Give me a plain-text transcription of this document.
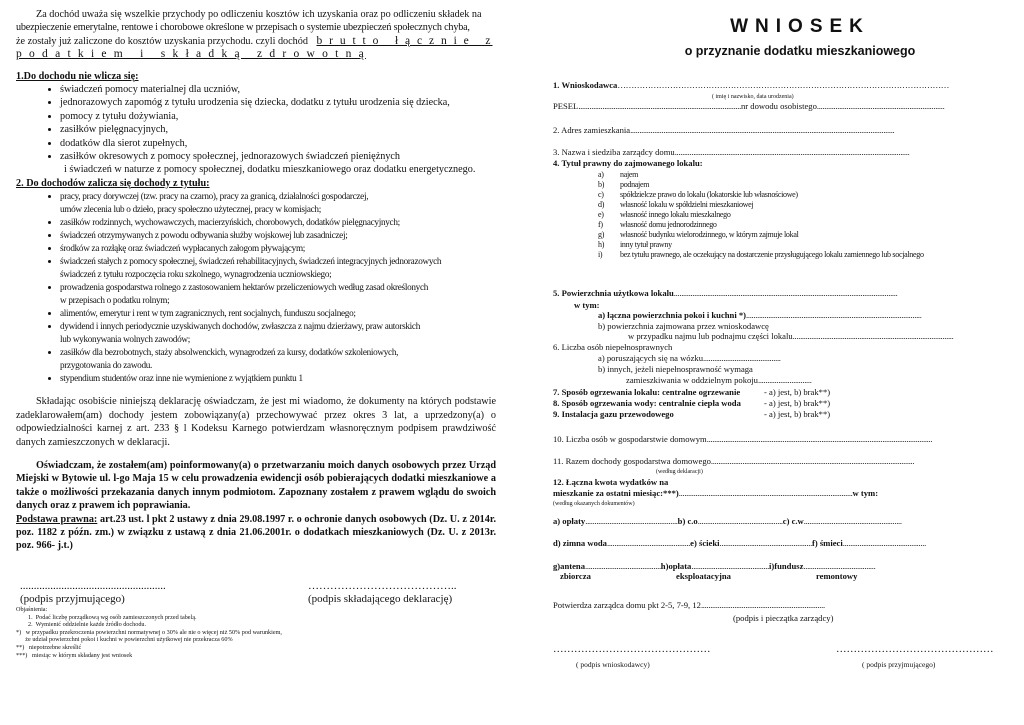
Za dochód uważa się wszelkie przychody po odliczeniu kosztów ich uzyskania oraz po odliczeniu składek na
ubezpieczenie emerytalne, rentowe i chorobowe określone w przepisach o systemie ubezpieczeń społecznych chyba,
że zostały już zaliczone do kosztów uzyskania przychodu. czyli dochód b r u t t o   ł ą c z n i e   z
p o d a t k i e m   i   s k ł a d k ą   z d r o w o t n ą
1.Do dochodu nie wlicza się:
• świadczeń pomocy materialnej dla uczniów,
• jednorazowych zapomóg z tytułu urodzenia się dziecka, dodatku z tytułu urodzenia się dziecka,
• pomocy z tytułu dożywiania,
• zasiłków pielęgnacyjnych,
• dodatków dla sierot zupełnych,
• zasiłków okresowych z pomocy społecznej, jednorazowych świadczeń pieniężnych
i świadczeń w naturze z pomocy społecznej, dodatku mieszkaniowego oraz dodatku energetycznego.
2. Do dochodów zalicza się dochody z tytułu:
• pracy, pracy dorywczej (tzw. pracy na czarno), pracy za granicą, działalności gospodarczej,
umów zlecenia lub o dzieło, pracy społeczno użytecznej, pracy w komisjach;
• zasiłków rodzinnych, wychowawczych, macierzyńskich, chorobowych, dodatków pielęgnacyjnych;
• świadczeń otrzymywanych z powodu odbywania służby wojskowej lub zasadniczej;
• środków za rozłąkę oraz świadczeń wypłacanych załogom pływającym;
• świadczeń stałych z pomocy społecznej, świadczeń rehabilitacyjnych, świadczeń integracyjnych jednorazowych
świadczeń z tytułu rozpoczęcia roku szkolnego, wynagrodzenia uczniowskiego;
• prowadzenia gospodarstwa rolnego z zastosowaniem hektarów przeliczeniowych według zasad określonych
w przepisach o podatku rolnym;
• alimentów, emerytur i rent w tym zagranicznych, rent socjalnych, funduszu socjalnego;
• dywidend i innych periodycznie uzyskiwanych dochodów, zwłaszcza z najmu dzierżawy, praw autorskich
lub wykonywania wolnych zawodów;
• zasiłków dla bezrobotnych, staży absolwenckich, wynagrodzeń za kursy, dodatków szkoleniowych,
przygotowania do zawodu.
• stypendium studentów oraz inne nie wymienione z wyjątkiem punktu 1
Składając osobiście niniejszą deklarację oświadczam, że jest mi wiadomo, że dokumenty na których podstawie zadeklarowałem(am) dochody jestem zobowiązany(a) przechowywać przez okres 3 lat, a uprzedzony(a) o odpowiedzialności karnej z art. 233 § l Kodeksu Karnego potwierdzam własnoręcznym podpisem prawdziwość danych zamieszczonych w deklaracji.
Oświadczam, że zostałem(am) poinformowany(a) o przetwarzaniu moich danych osobowych przez Urząd Miejski w Bytowie ul. l-go Maja 15 w celu prowadzenia ewidencji osób pobierających dodatki mieszkaniowe a także o możliwości przekazania danych innym podmiotom. Zapoznany zostałem z prawem wglądu do swoich danych oraz z prawem ich poprawiania.
Podstawa prawna: art.23 ust. l pkt 2 ustawy z dnia 29.08.1997 r. o ochronie danych osobowych (Dz. U. z 2014r. poz. 1182 z późn. zm.) w związku z ustawą z dnia 21.06.2001r. o dodatkach mieszkaniowych (Dz. U. z 2013r. poz. 966- j.t.)
.....................................................
(podpis przyjmującego)
…………………………………..
(podpis składającego deklarację)
Objaśnienia:
1.  Podać liczbę porządkową wg osób zamieszczonych przed tabelą.
2.  Wymienić oddzielnie każde źródło dochodu.
*)   w przypadku przekroczenia powierzchni normatywnej o 30% ale nie o więcej niż 50% pod warunkiem,
że udział powierzchni pokoi i kuchni w powierzchni użytkowej nie przekracza 60%
**)   niepotrzebne skreślić
***)   miesiąc w którym składany jest wniosek
WNIOSEK
o przyznanie dodatku mieszkaniowego
1. Wnioskodawca…………………………………………………………………………………………………………
( imię i nazwisko, data urodzenia)
PESEL........................................................................................nr dowodu osobistego.....................................................................
2. Adres zamieszkania...............................................................................................................................................
3. Nazwa i siedziba zarządcy domu...............................................................................................................................
4. Tytuł prawny do zajmowanego lokalu:
a) najem
b) podnajem
c) spółdzielcze prawo do lokalu (lokatorskie lub własnościowe)
d) własność lokalu w spółdzielni mieszkaniowej
e) własność innego lokalu mieszkalnego
f) własność domu jednorodzinnego
g) własność budynku wielorodzinnego, w którym zajmuje lokal
h) inny tytuł prawny
i) bez tytułu prawnego, ale oczekujący na dostarczenie przysługującego lokalu zamiennego lub socjalnego
5. Powierzchnia użytkowa lokalu.........................................................................................................................
w tym:
a) łączna powierzchnia pokoi i kuchni *)...............................................................................................
b) powierzchnia zajmowana przez wnioskodawcę
w przypadku najmu lub podnajmu części lokalu.......................................................................................
6. Liczba osób niepełnosprawnych
a) poruszających się na wózku..........................................
b) innych, jeżeli niepełnosprawność wymaga
zamieszkiwania w oddzielnym pokoju.............................
7. Sposób ogrzewania lokalu: centralne ogrzewanie	- a) jest, b) brak**)
8. Sposób ogrzewania wody: centralnie ciepła woda	- a) jest, b) brak**)
9. Instalacja gazu przewodowego	- a) jest, b) brak**)
10. Liczba osób w gospodarstwie domowym..........................................................................................................................
11. Razem dochody gospodarstwa domowego..............................................................................................................
(według deklaracji)
12. Łączna kwota wydatków na
mieszkanie za ostatni miesiąc:***)..............................................................................................w tym:
(według okazanych dokumentów)
a) opłaty..................................................b) c.o..............................................c) c.w.....................................................
d) zimna woda.............................................e) ścieki..................................................f) śmieci.............................................
g)antena.........................................h)opłata..........................................i)fundusz.......................................
zbiorcza	eksploatacyjna	remontowy
Potwierdza zarządca domu pkt 2-5, 7-9, 12...................................................................
(podpis i pieczątka zarządcy)
………………………………………
( podpis wnioskodawcy)
………………………………………
( podpis przyjmującego)
